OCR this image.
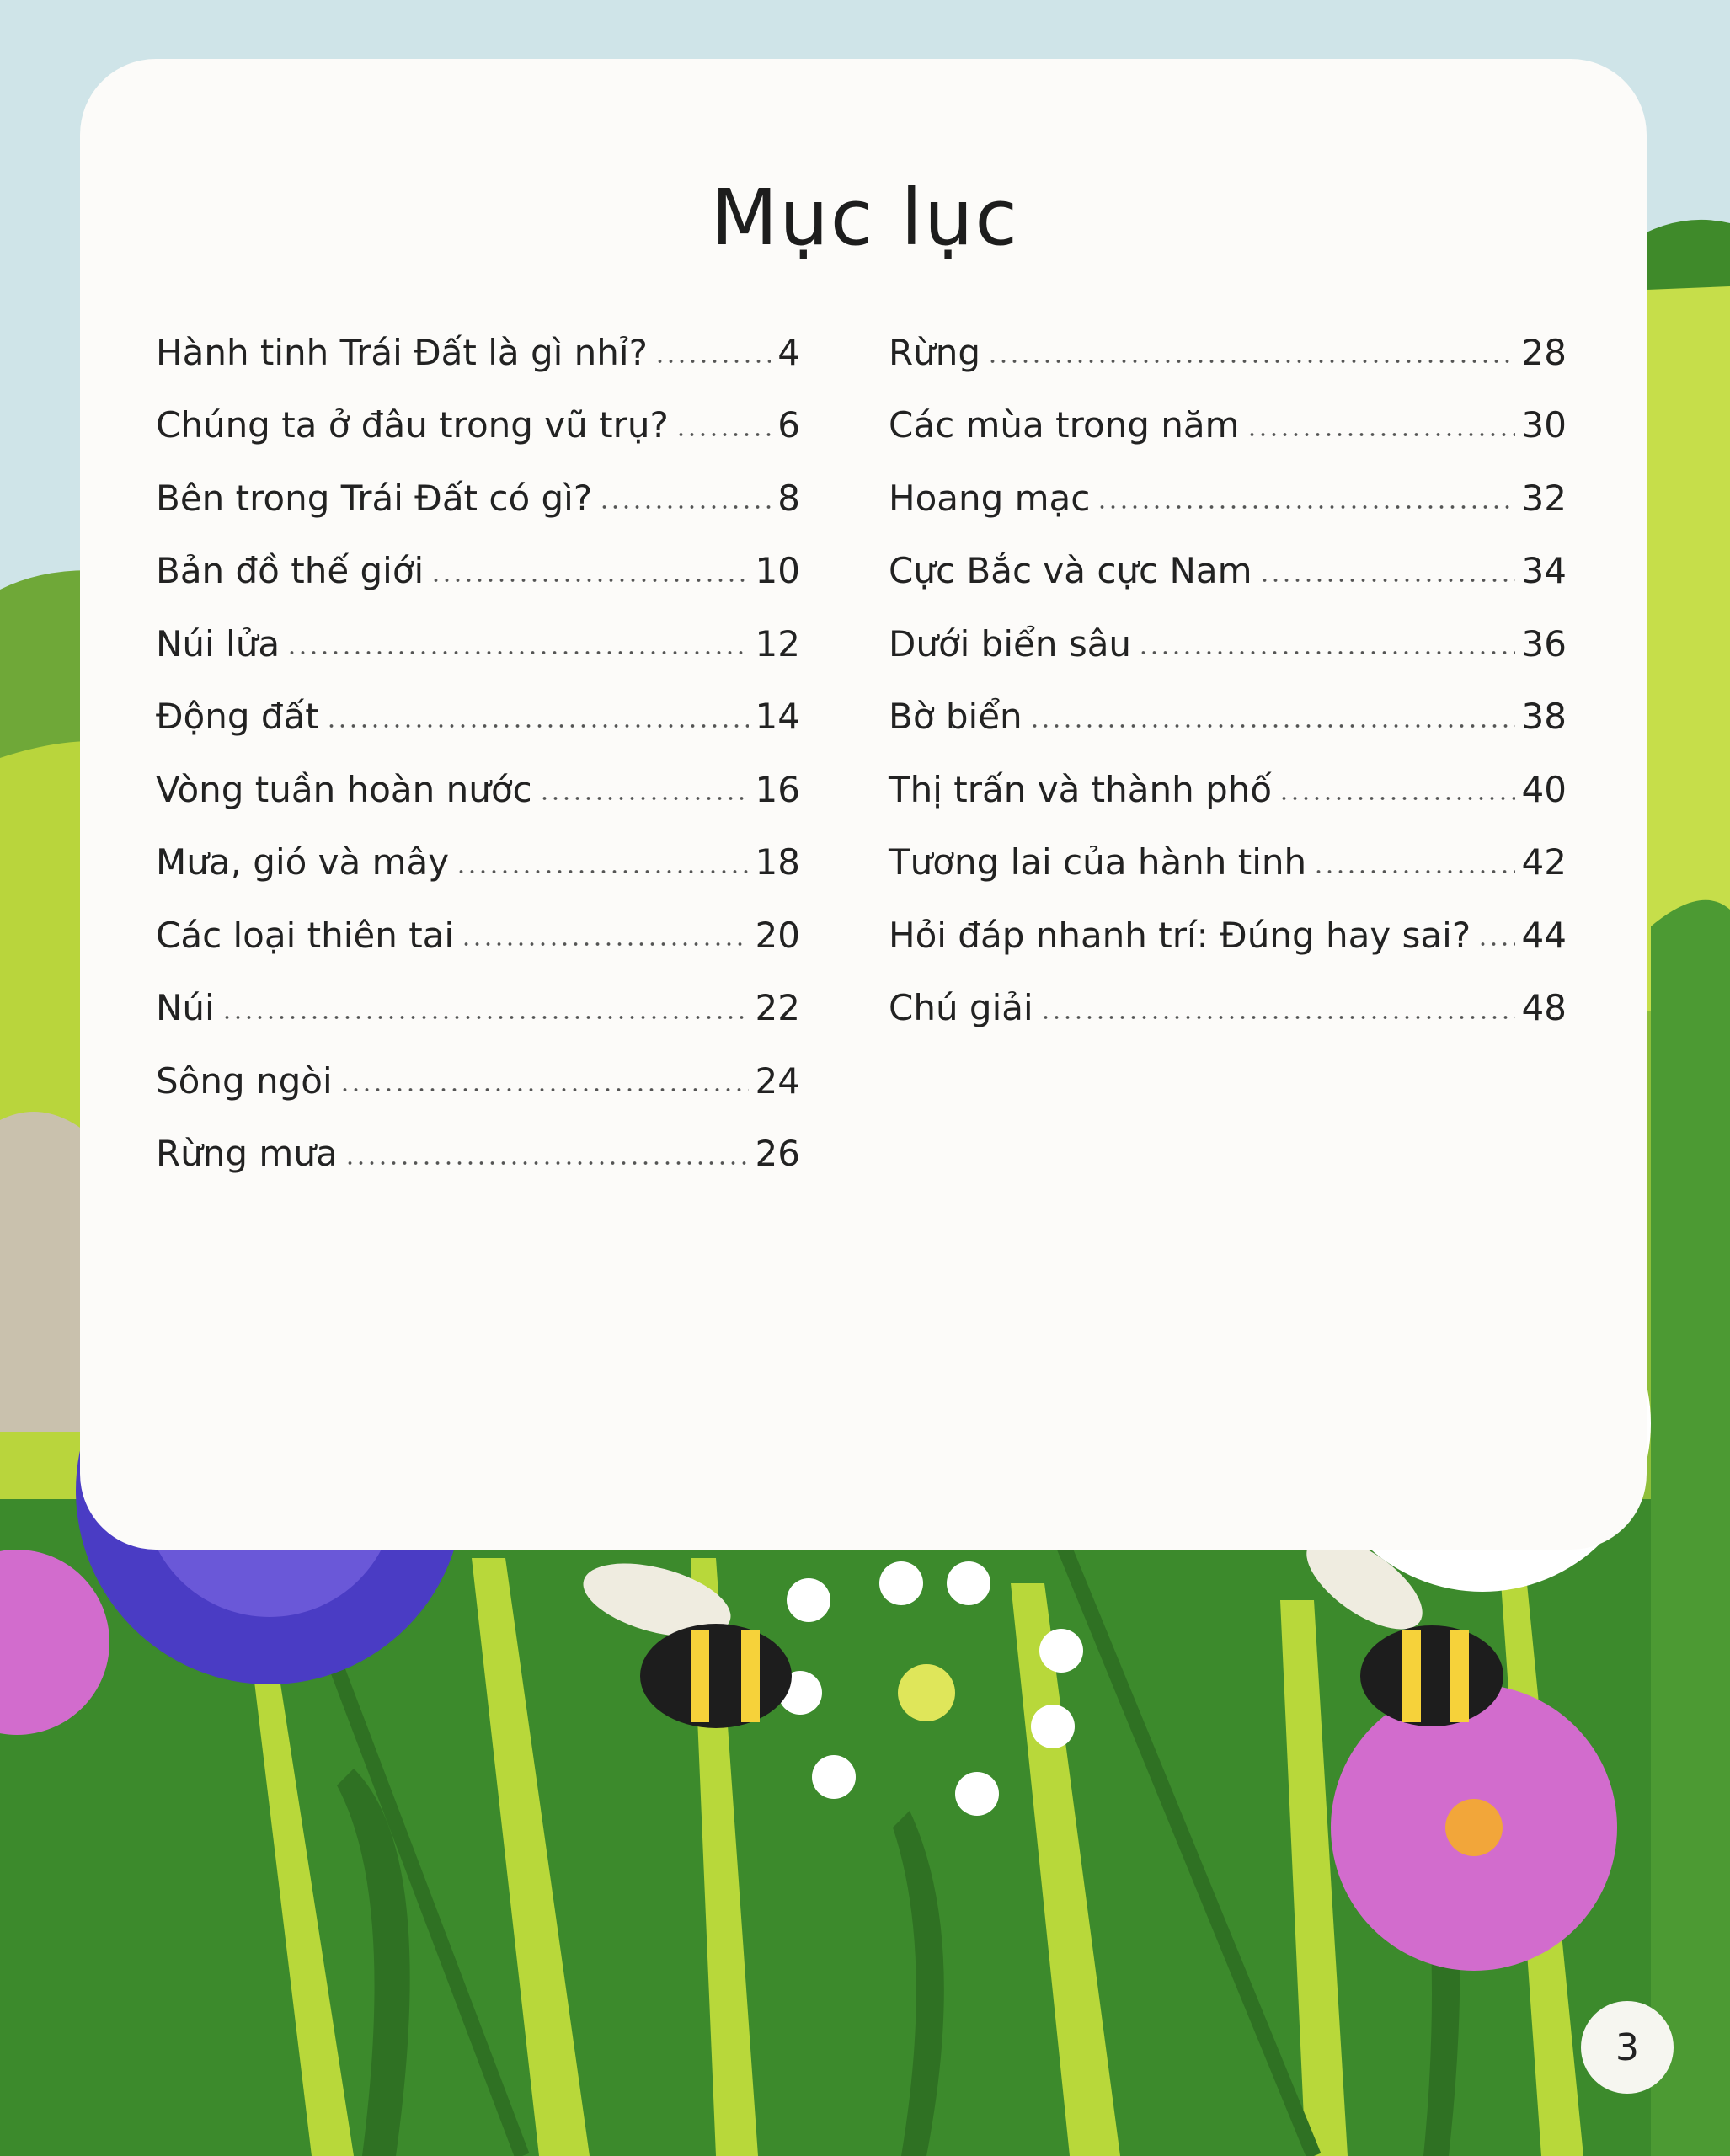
Mục lục
Hành tinh Trái Đất là gì nhỉ?	4
Chúng ta ở đâu trong vũ trụ?	6
Bên trong Trái Đất có gì?	8
Bản đồ thế giới	10
Núi lửa	12
Động đất	14
Vòng tuần hoàn nước	16
Mưa, gió và mây	18
Các loại thiên tai	20
Núi	22
Sông ngòi	24
Rừng mưa	26
Rừng	28
Các mùa trong năm	30
Hoang mạc	32
Cực Bắc và cực Nam	34
Dưới biển sâu	36
Bờ biển	38
Thị trấn và thành phố	40
Tương lai của hành tinh	42
Hỏi đáp nhanh trí: Đúng hay sai? 44
Chú giải	48
3
